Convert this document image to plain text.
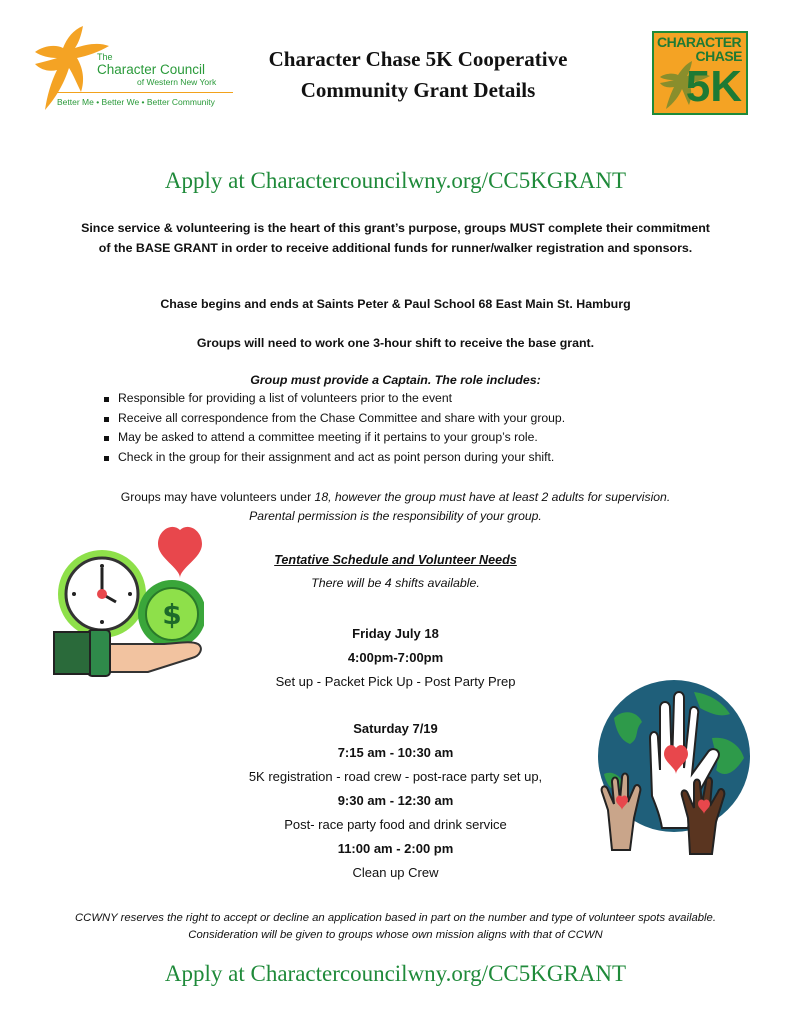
The
Character Council
of Western New York
Better Me • Better We • Better Community
Character Chase 5K Cooperative
Community Grant Details
CHARACTER
CHASE
5K
Apply at Charactercouncilwny.org/CC5KGRANT
Since service & volunteering is the heart of this grant’s purpose, groups MUST complete their commitment of the BASE GRANT in order to receive additional funds for runner/walker registration and sponsors.
Chase begins and ends at Saints Peter & Paul School 68 East Main St. Hamburg
Groups will need to work one 3-hour shift to receive the base grant.
Group must provide a Captain. The role includes:
Responsible for providing a list of volunteers prior to the event
Receive all correspondence from the Chase Committee and share with your group.
May be asked to attend a committee meeting if it pertains to your group’s role.
Check in the group for their assignment and act as point person during your shift.
Groups may have volunteers under 18, however the group must have at least 2 adults for supervision.
Parental permission is the responsibility of your group.
$
Tentative Schedule and Volunteer Needs
There will be 4 shifts available.
Friday July 18
4:00pm-7:00pm
Set up - Packet Pick Up - Post Party Prep
Saturday 7/19
7:15 am - 10:30 am
5K registration - road crew - post-race party set up,
9:30 am - 12:30 am
Post- race party food and drink service
11:00 am - 2:00 pm
Clean up Crew
CCWNY reserves the right to accept or decline an application based in part on the number and type of volunteer spots available. Consideration will be given to groups whose own mission aligns with that of CCWN
Apply at Charactercouncilwny.org/CC5KGRANT
